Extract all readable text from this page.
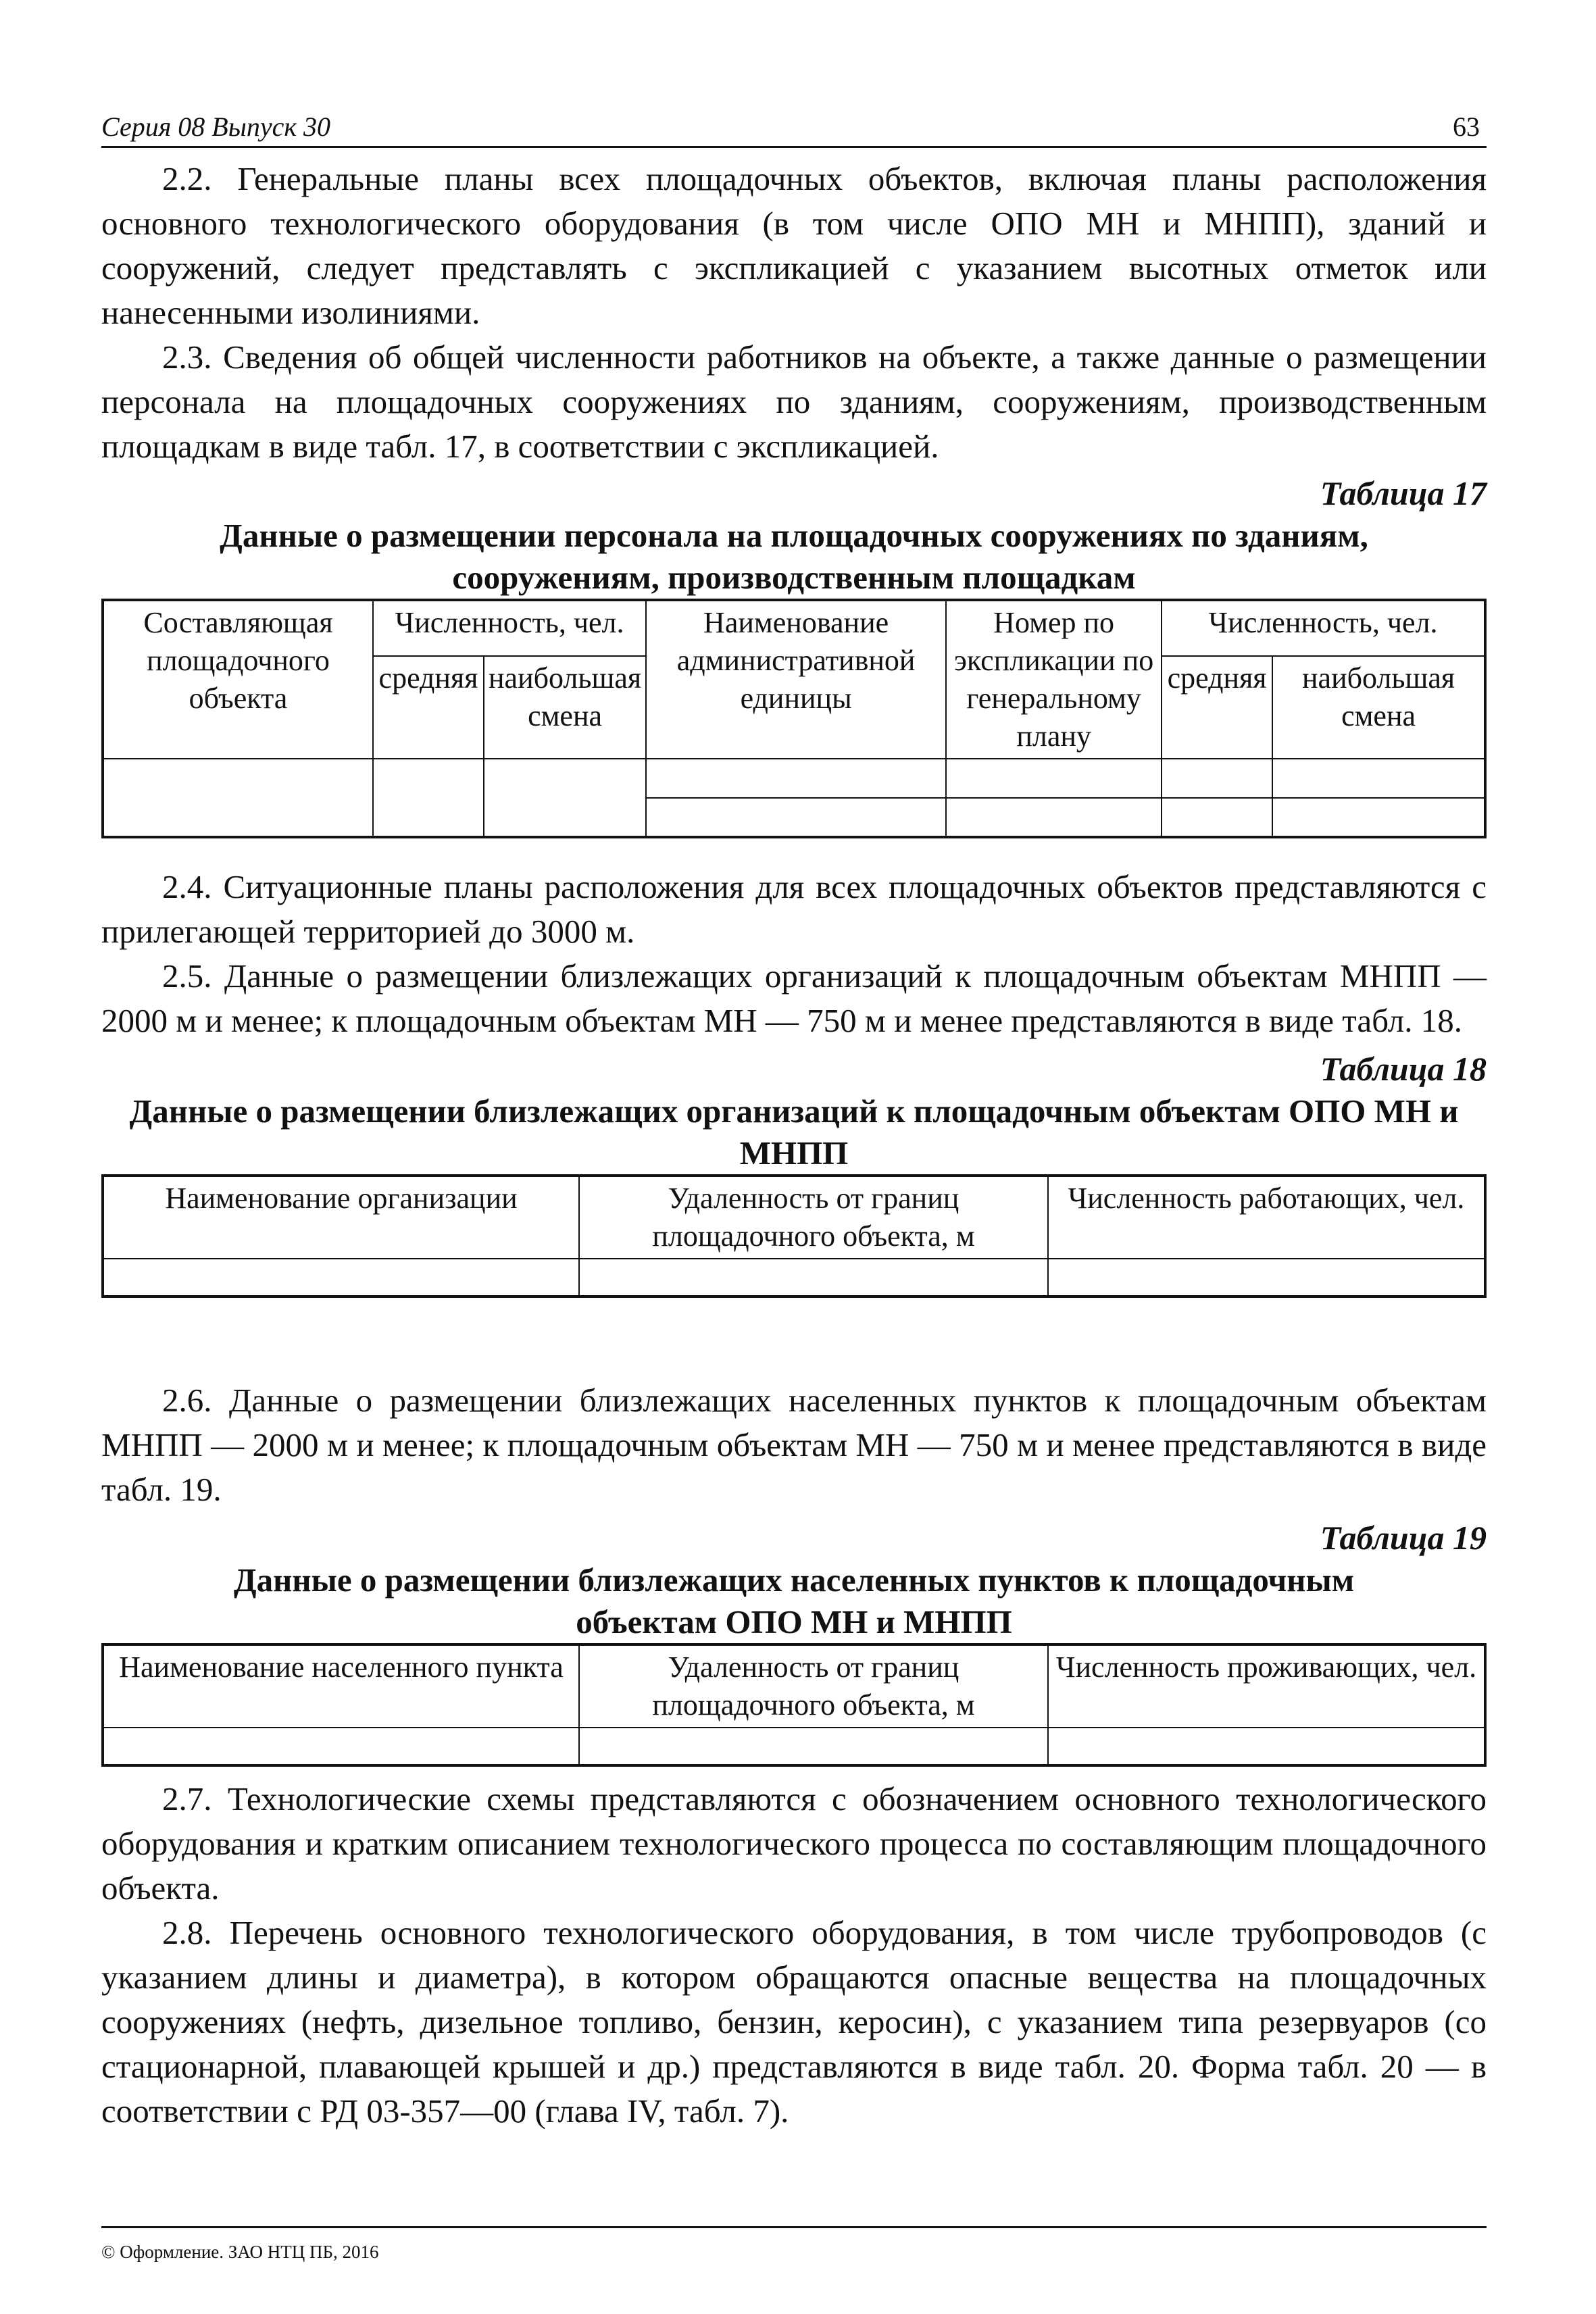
Серия 08 Выпуск 30	63

2.2. Генеральные планы всех площадочных объектов, включая планы расположения основного технологического оборудования (в том числе ОПО МН и МНПП), зданий и сооружений, следует представлять с экспликацией с указанием высотных отметок или нанесенными изолиниями.

2.3. Сведения об общей численности работников на объекте, а также данные о размещении персонала на площадочных сооружениях по зданиям, сооружениям, производственным площадкам в виде табл. 17, в соответствии с экспликацией.

Таблица 17
Данные о размещении персонала на площадочных сооружениях по зданиям, сооружениям, производственным площадкам
Составляющая площадочного объекта	Численность, чел.		Наименование административной единицы	Номер по экспликации по генеральному плану	Численность, чел.	
	средняя	наибольшая смена			средняя	наибольшая смена

2.4. Ситуационные планы расположения для всех площадочных объектов представляются с прилегающей территорией до 3000 м.

2.5. Данные о размещении близлежащих организаций к площадочным объектам МНПП — 2000 м и менее; к площадочным объектам МН — 750 м и менее представляются в виде табл. 18.

Таблица 18
Данные о размещении близлежащих организаций к площадочным объектам ОПО МН и МНПП
Наименование организации	Удаленность от границ площадочного объекта, м	Численность работающих, чел.

2.6. Данные о размещении близлежащих населенных пунктов к площадочным объектам МНПП — 2000 м и менее; к площадочным объектам МН — 750 м и менее представляются в виде табл. 19.

Таблица 19
Данные о размещении близлежащих населенных пунктов к площадочным объектам ОПО МН и МНПП
Наименование населенного пункта	Удаленность от границ площадочного объекта, м	Численность проживающих, чел.

2.7. Технологические схемы представляются с обозначением основного технологического оборудования и кратким описанием технологического процесса по составляющим площадочного объекта.

2.8. Перечень основного технологического оборудования, в том числе трубопроводов (с указанием длины и диаметра), в котором обращаются опасные вещества на площадочных сооружениях (нефть, дизельное топливо, бензин, керосин), с указанием типа резервуаров (со стационарной, плавающей крышей и др.) представляются в виде табл. 20. Форма табл. 20 — в соответствии с РД 03-357—00 (глава IV, табл. 7).

© Оформление. ЗАО НТЦ ПБ, 2016
